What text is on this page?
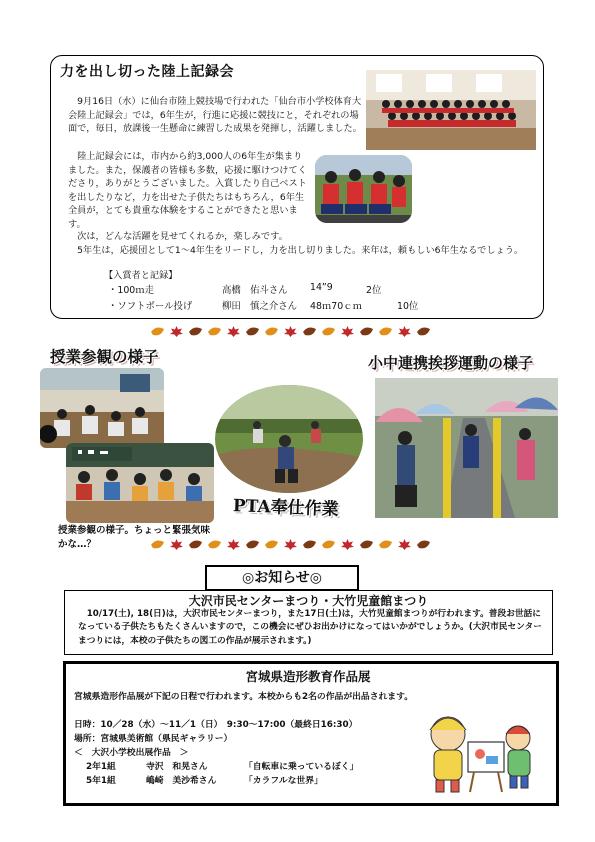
力を出し切った陸上記録会
　9月16日（水）に仙台市陸上競技場で行われた「仙台市小学校体育大会陸上記録会」では，6年生が，行進に応援に競技にと，それぞれの場面で，毎日，放課後一生懸命に練習した成果を発揮し，活躍しました。
　陸上記録会には，市内から約3,000人の6年生が集まりました。また，保護者の皆様も多数，応援に駆けつけてくださり，ありがとうございました。入賞したり自己ベストを出したりなど，力を出せた子供たちはもちろん，6年生全員が，とても貴重な体験をすることができたと思います。
　次は，どんな活躍を見せてくれるか，楽しみです。
　5年生は，応援団として1～4年生をリードし，力を出し切りました。来年は，頼もしい6年生なるでしょう。
【入賞者と記録】
・100ｍ走	高橋　佑斗さん 14”9	2位
・ソフトボール投げ	柳田　慎之介さん 48ｍ70ｃｍ	10位
授業参観の様子	小中連携挨拶運動の様子
授業参観の様子。ちょっと緊張気味かな…？
PTA奉仕作業
◎お知らせ◎
大沢市民センターまつり・大竹児童館まつり
　10/17(土), 18(日)は，大沢市民センターまつり，また17日(土)は，大竹児童館まつりが行われます。普段お世話になっている子供たちもたくさんいますので，この機会にぜひお出かけになってはいかがでしょうか。(大沢市民センターまつりには，本校の子供たちの図工の作品が展示されます。)
宮城県造形教育作品展
宮城県造形作品展が下記の日程で行われます。本校からも2名の作品が出品されます。
日時：10／28（水）～11／1（日）　9:30～17:00（最終日16:30）
場所：宮城県美術館（県民ギャラリー）
＜　大沢小学校出展作品　＞
2年1組	寺沢　和晃さん	「自転車に乗っているぼく」
5年1組	嶋崎　美沙希さん	「カラフルな世界」
